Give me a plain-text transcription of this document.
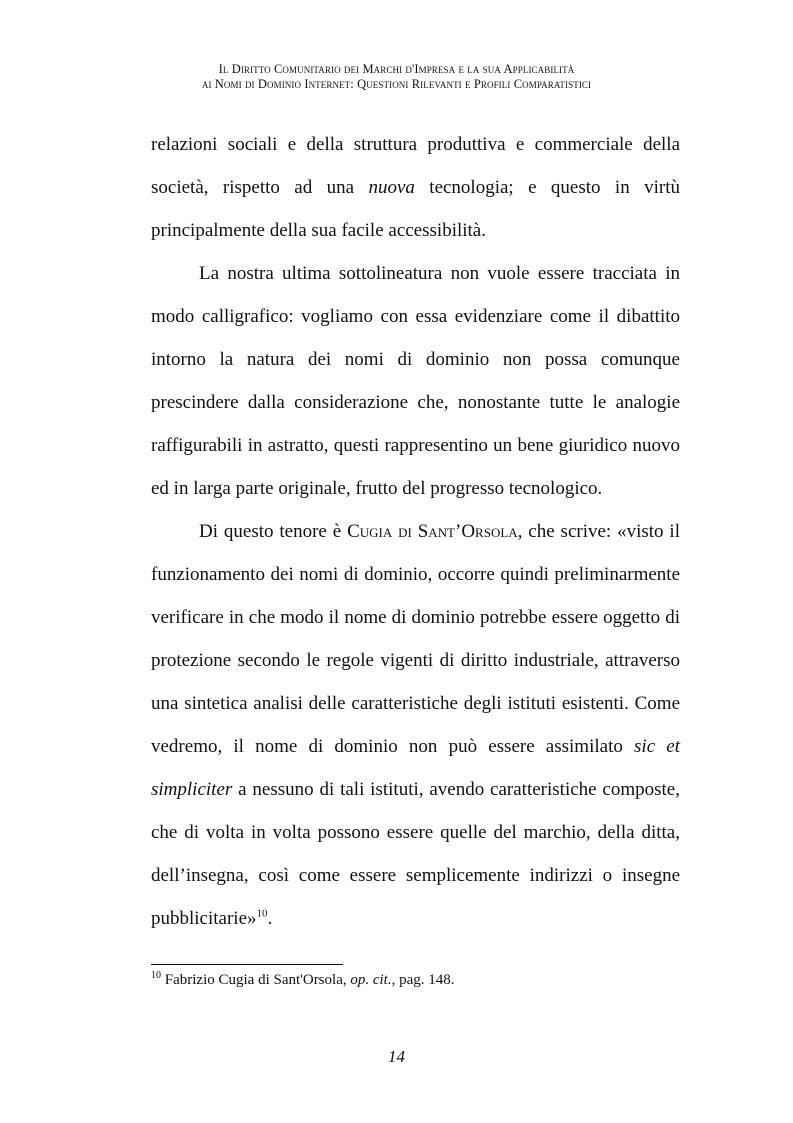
Il Diritto Comunitario dei Marchi d'Impresa e la sua Applicabilità
ai Nomi di Dominio Internet: Questioni Rilevanti e Profili Comparatistici

relazioni sociali e della struttura produttiva e commerciale della società, rispetto ad una nuova tecnologia; e questo in virtù principalmente della sua facile accessibilità.

La nostra ultima sottolineatura non vuole essere tracciata in modo calligrafico: vogliamo con essa evidenziare come il dibattito intorno la natura dei nomi di dominio non possa comunque prescindere dalla considerazione che, nonostante tutte le analogie raffigurabili in astratto, questi rappresentino un bene giuridico nuovo ed in larga parte originale, frutto del progresso tecnologico.

Di questo tenore è Cugia di Sant’Orsola, che scrive: «visto il funzionamento dei nomi di dominio, occorre quindi preliminarmente verificare in che modo il nome di dominio potrebbe essere oggetto di protezione secondo le regole vigenti di diritto industriale, attraverso una sintetica analisi delle caratteristiche degli istituti esistenti. Come vedremo, il nome di dominio non può essere assimilato sic et simpliciter a nessuno di tali istituti, avendo caratteristiche composte, che di volta in volta possono essere quelle del marchio, della ditta, dell’insegna, così come essere semplicemente indirizzi o insegne pubblicitarie»$^{10}$.

$^{10}$ Fabrizio Cugia di Sant'Orsola, op. cit., pag. 148.
14
